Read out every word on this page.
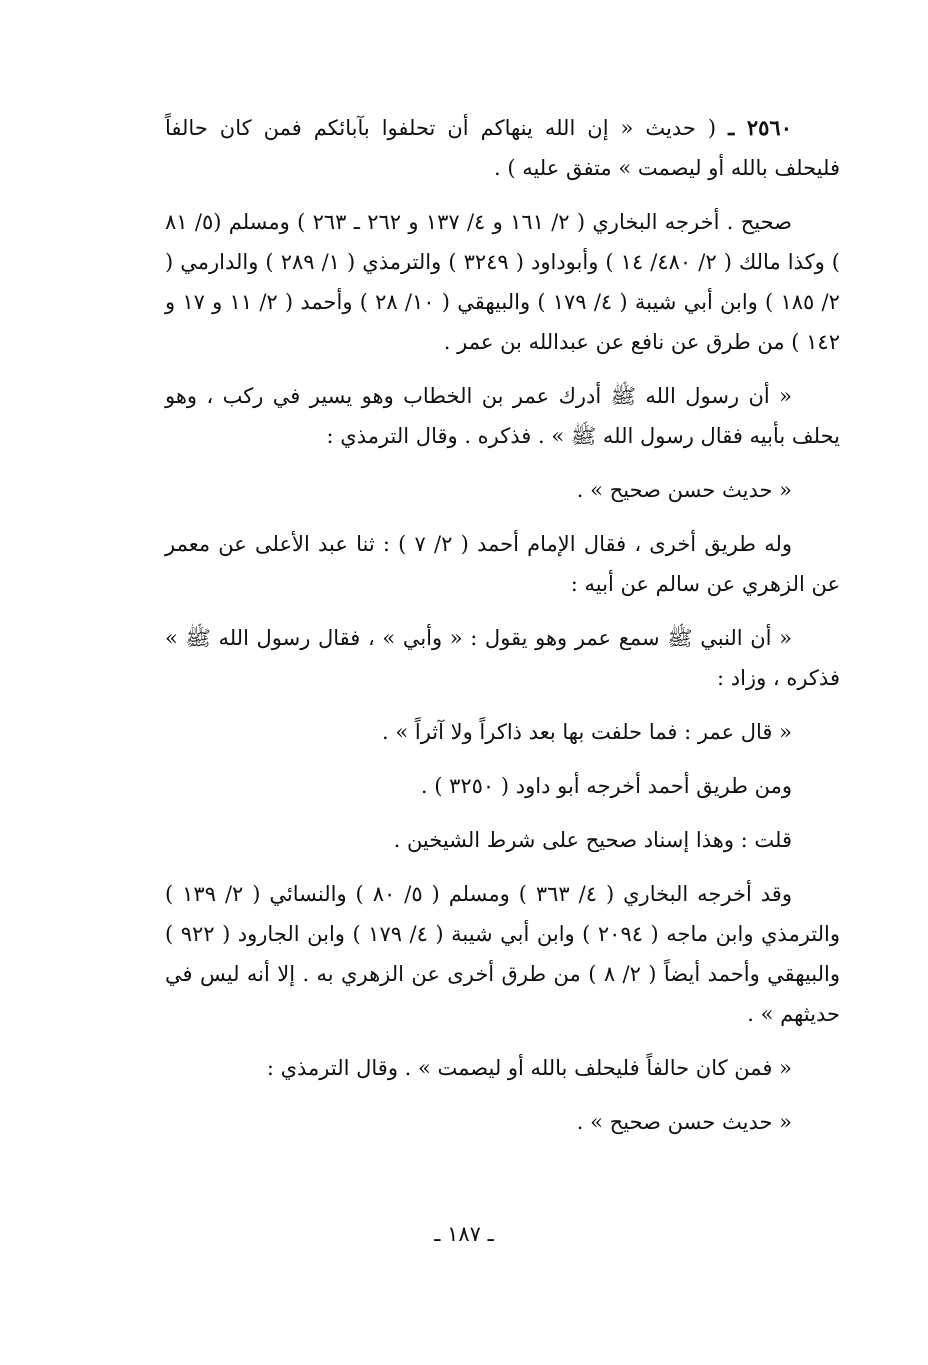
٢٥٦٠ ـ ( حديث « إن الله ينهاكم أن تحلفوا بآبائكم فمن كان حالفاً فليحلف بالله أو ليصمت » متفق عليه ) .

صحيح . أخرجه البخاري ( ٢/ ١٦١ و ٤/ ١٣٧ و ٢٦٢ ـ ٢٦٣ ) ومسلم (٥/ ٨١ ) وكذا مالك ( ٢/ ٤٨٠/ ١٤ ) وأبوداود ( ٣٢٤٩ ) والترمذي ( ١/ ٢٨٩ ) والدارمي ( ٢/ ١٨٥ ) وابن أبي شيبة ( ٤/ ١٧٩ ) والبيهقي ( ١٠/ ٢٨ ) وأحمد ( ٢/ ١١ و ١٧ و ١٤٢ ) من طرق عن نافع عن عبدالله بن عمر .

« أن رسول الله ﷺ أدرك عمر بن الخطاب وهو يسير في ركب ، وهو يحلف بأبيه فقال رسول الله ﷺ » . فذكره . وقال الترمذي :

« حديث حسن صحيح » .

وله طريق أخرى ، فقال الإمام أحمد ( ٢/ ٧ ) : ثنا عبد الأعلى عن معمر عن الزهري عن سالم عن أبيه :

« أن النبي ﷺ سمع عمر وهو يقول : « وأبي » ، فقال رسول الله ﷺ » فذكره ، وزاد :

« قال عمر : فما حلفت بها بعد ذاكراً ولا آثراً » .

ومن طريق أحمد أخرجه أبو داود ( ٣٢٥٠ ) .

قلت : وهذا إسناد صحيح على شرط الشيخين .

وقد أخرجه البخاري ( ٤/ ٣٦٣ ) ومسلم ( ٥/ ٨٠ ) والنسائي ( ٢/ ١٣٩ ) والترمذي وابن ماجه ( ٢٠٩٤ ) وابن أبي شيبة ( ٤/ ١٧٩ ) وابن الجارود ( ٩٢٢ ) والبيهقي وأحمد أيضاً ( ٢/ ٨ ) من طرق أخرى عن الزهري به . إلا أنه ليس في حديثهم » .

« فمن كان حالفاً فليحلف بالله أو ليصمت » . وقال الترمذي :

« حديث حسن صحيح » .

ـ ١٨٧ ـ
